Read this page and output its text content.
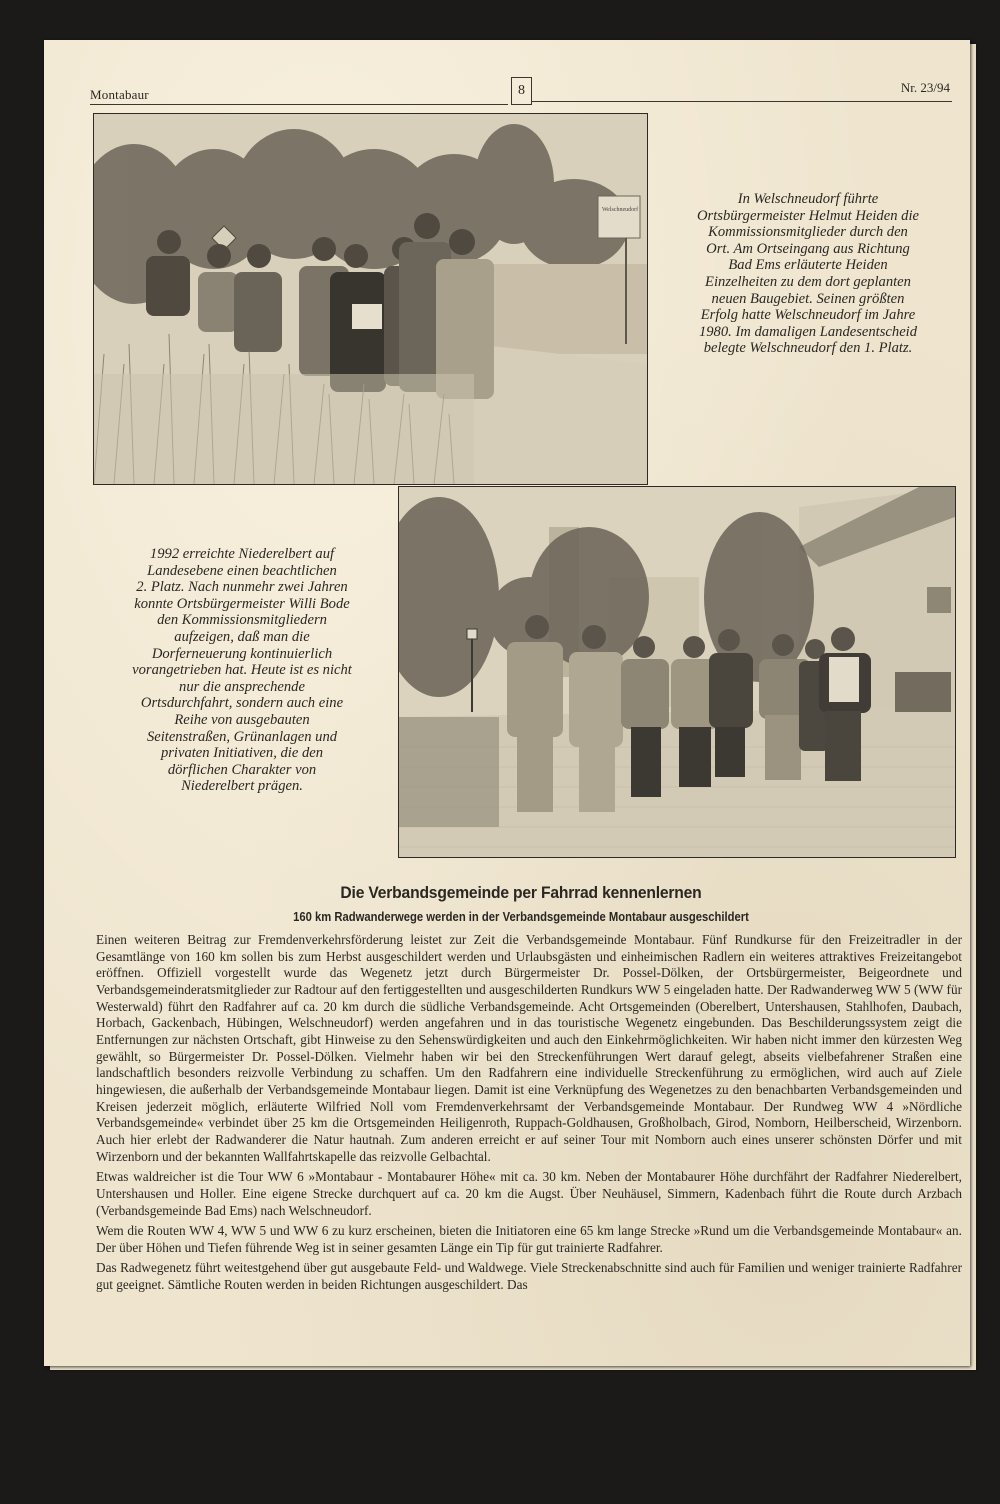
Montabaur	8	Nr. 23/94
Welschneudorf
In Welschneudorf führte
Ortsbürgermeister Helmut Heiden die
Kommissionsmitglieder durch den
Ort. Am Ortseingang aus Richtung
Bad Ems erläuterte Heiden
Einzelheiten zu dem dort geplanten
neuen Baugebiet. Seinen größten
Erfolg hatte Welschneudorf im Jahre
1980. Im damaligen Landesentscheid
belegte Welschneudorf den 1. Platz.
1992 erreichte Niederelbert auf
Landesebene einen beachtlichen
2. Platz. Nach nunmehr zwei Jahren
konnte Ortsbürgermeister Willi Bode
den Kommissionsmitgliedern
aufzeigen, daß man die
Dorferneuerung kontinuierlich
vorangetrieben hat. Heute ist es nicht
nur die ansprechende
Ortsdurchfahrt, sondern auch eine
Reihe von ausgebauten
Seitenstraßen, Grünanlagen und
privaten Initiativen, die den
dörflichen Charakter von
Niederelbert prägen.
Die Verbandsgemeinde per Fahrrad kennenlernen
160 km Radwanderwege werden in der Verbandsgemeinde Montabaur ausgeschildert

Einen weiteren Beitrag zur Fremdenverkehrsförderung leistet zur Zeit die Verbandsgemeinde Montabaur. Fünf Rundkurse für den Freizeitradler in der Gesamtlänge von 160 km sollen bis zum Herbst ausgeschildert werden und Urlaubsgästen und einheimischen Radlern ein weiteres attraktives Freizeitangebot eröffnen. Offiziell vorgestellt wurde das Wegenetz jetzt durch Bürgermeister Dr. Possel-Dölken, der Ortsbürgermeister, Beigeordnete und Verbandsgemeinderatsmitglieder zur Radtour auf den fertiggestellten und ausgeschilderten Rundkurs WW 5 eingeladen hatte. Der Radwanderweg WW 5 (WW für Westerwald) führt den Radfahrer auf ca. 20 km durch die südliche Verbandsgemeinde. Acht Ortsgemeinden (Oberelbert, Untershausen, Stahlhofen, Daubach, Horbach, Gackenbach, Hübingen, Welschneudorf) werden angefahren und in das touristische Wegenetz eingebunden. Das Beschilderungssystem zeigt die Entfernungen zur nächsten Ortschaft, gibt Hinweise zu den Sehenswürdigkeiten und auch den Einkehrmöglichkeiten. Wir haben nicht immer den kürzesten Weg gewählt, so Bürgermeister Dr. Possel-Dölken. Vielmehr haben wir bei den Streckenführungen Wert darauf gelegt, abseits vielbefahrener Straßen eine landschaftlich besonders reizvolle Verbindung zu schaffen. Um den Radfahrern eine individuelle Streckenführung zu ermöglichen, wird auch auf Ziele hingewiesen, die außerhalb der Verbandsgemeinde Montabaur liegen. Damit ist eine Verknüpfung des Wegenetzes zu den benachbarten Verbandsgemeinden und Kreisen jederzeit möglich, erläuterte Wilfried Noll vom Fremdenverkehrsamt der Verbandsgemeinde Montabaur. Der Rundweg WW 4 »Nördliche Verbandsgemeinde« verbindet über 25 km die Ortsgemeinden Heiligenroth, Ruppach-Goldhausen, Großholbach, Girod, Nomborn, Heilberscheid, Wirzenborn. Auch hier erlebt der Radwanderer die Natur hautnah. Zum anderen erreicht er auf seiner Tour mit Nomborn auch eines unserer schönsten Dörfer und mit Wirzenborn und der bekannten Wallfahrtskapelle das reizvolle Gelbachtal.

Etwas waldreicher ist die Tour WW 6 »Montabaur - Montabaurer Höhe« mit ca. 30 km. Neben der Montabaurer Höhe durchfährt der Radfahrer Niederelbert, Untershausen und Holler. Eine eigene Strecke durchquert auf ca. 20 km die Augst. Über Neuhäusel, Simmern, Kadenbach führt die Route durch Arzbach (Verbandsgemeinde Bad Ems) nach Welschneudorf.

Wem die Routen WW 4, WW 5 und WW 6 zu kurz erscheinen, bieten die Initiatoren eine 65 km lange Strecke »Rund um die Verbandsgemeinde Montabaur« an. Der über Höhen und Tiefen führende Weg ist in seiner gesamten Länge ein Tip für gut trainierte Radfahrer.

Das Radwegenetz führt weitestgehend über gut ausgebaute Feld- und Waldwege. Viele Streckenabschnitte sind auch für Familien und weniger trainierte Radfahrer gut geeignet. Sämtliche Routen werden in beiden Richtungen ausgeschildert. Das
